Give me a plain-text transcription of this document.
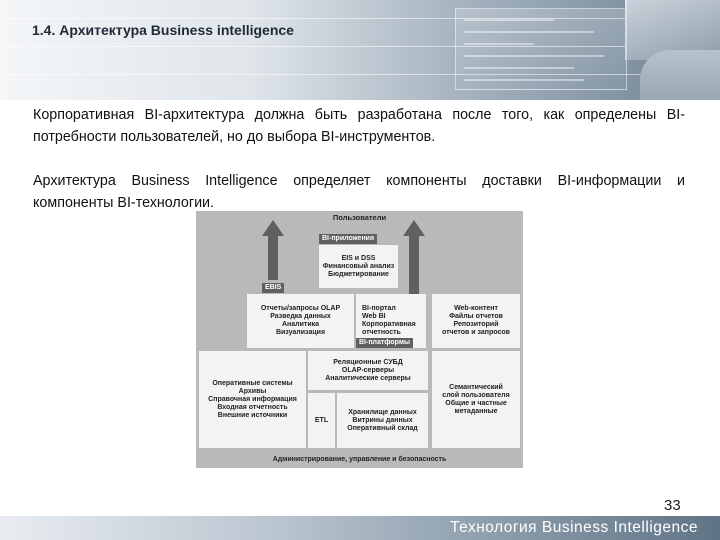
1.4. Архитектура Business intelligence

Корпоративная BI-архитектура должна быть разработана после того, как определены BI-потребности пользователей, но до выбора BI-инструментов.

Архитектура Business Intelligence определяет компоненты доставки BI-информации и компоненты BI-технологии.

Пользователи
BI-приложения
EIS и DSS
Финансовый анализ
Бюджетирование
EBIS
Отчеты/запросы OLAP
Разведка данных
Аналитика
Визуализация
BI-портал
Web BI
Корпоративная
отчетность
BI-платформы
Web-контент
Файлы отчетов
Репозиторий
отчетов и запросов
Реляционные СУБД
OLAP-серверы
Аналитические серверы
Оперативные системы
Архивы
Справочная информация
Входная отчетность
Внешние источники
ETL
Хранилище данных
Витрины данных
Оперативный склад
Семантический
слой пользователя
Общие и частные
метаданные
Администрирование, управление и безопасность

33

Технология Business Intelligence
